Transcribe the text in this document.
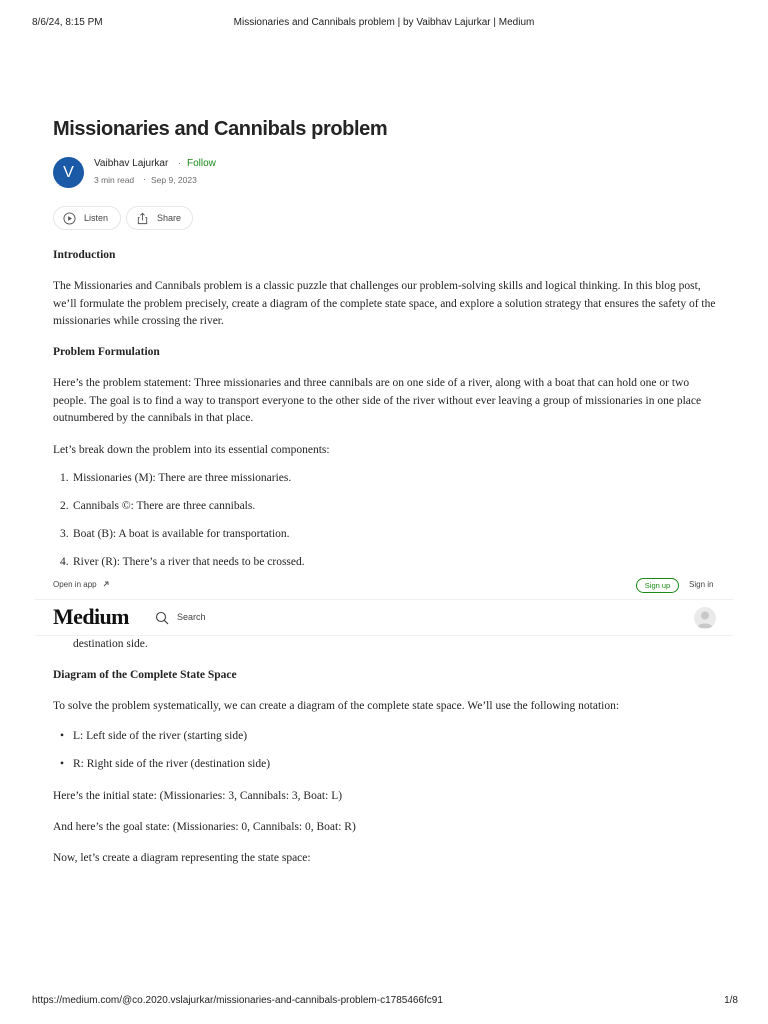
8/6/24, 8:15 PM	Missionaries and Cannibals problem | by Vaibhav Lajurkar | Medium
Missionaries and Cannibals problem
V	Vaibhav Lajurkar · Follow
3 min read · Sep 9, 2023
Listen	Share
Introduction

The Missionaries and Cannibals problem is a classic puzzle that challenges our problem-solving skills and logical thinking. In this blog post, we’ll formulate the problem precisely, create a diagram of the complete state space, and explore a solution strategy that ensures the safety of the missionaries while crossing the river.

Problem Formulation

Here’s the problem statement: Three missionaries and three cannibals are on one side of a river, along with a boat that can hold one or two people. The goal is to find a way to transport everyone to the other side of the river without ever leaving a group of missionaries in one place outnumbered by the cannibals in that place.

Let’s break down the problem into its essential components:

1. Missionaries (M): There are three missionaries.
2. Cannibals ©: There are three cannibals.
3. Boat (B): A boat is available for transportation.
4. River (R): There’s a river that needs to be crossed.
Open in app	Sign up	Sign in
Medium	Search
destination side.
Diagram of the Complete State Space

To solve the problem systematically, we can create a diagram of the complete state space. We’ll use the following notation:

• L: Left side of the river (starting side)
• R: Right side of the river (destination side)

Here’s the initial state: (Missionaries: 3, Cannibals: 3, Boat: L)

And here’s the goal state: (Missionaries: 0, Cannibals: 0, Boat: R)

Now, let’s create a diagram representing the state space:

https://medium.com/@co.2020.vslajurkar/missionaries-and-cannibals-problem-c1785466fc91	1/8
